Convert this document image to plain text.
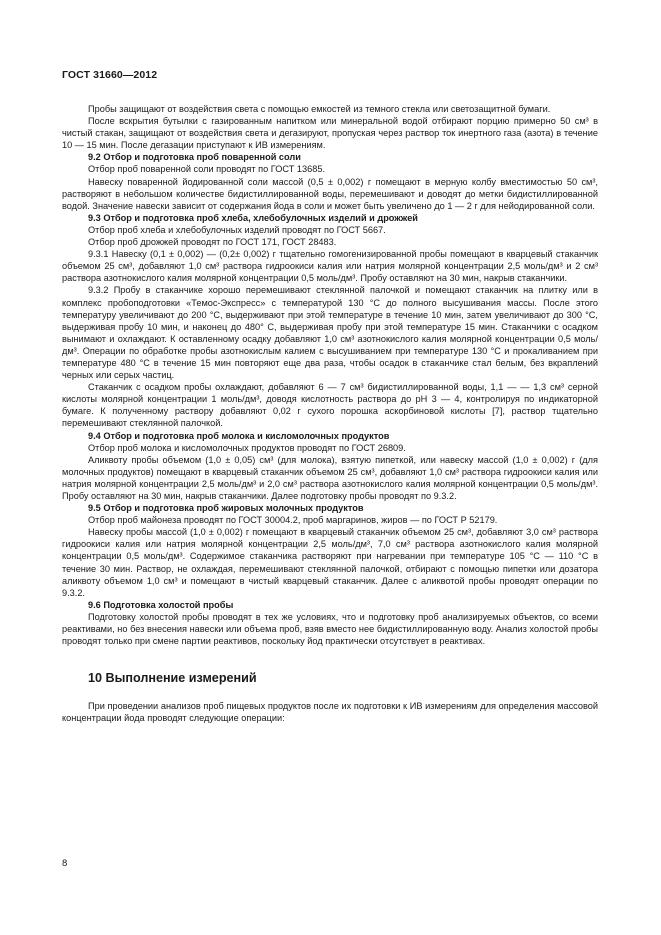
ГОСТ 31660—2012

Пробы защищают от воздействия света с помощью емкостей из темного стекла или светозащитной бумаги.

После вскрытия бутылки с газированным напитком или минеральной водой отбирают порцию примерно 50 см³ в чистый стакан, защищают от воздействия света и дегазируют, пропуская через раствор ток инертного газа (азота) в течение 10 — 15 мин. После дегазации приступают к ИВ измерениям.

9.2 Отбор и подготовка проб поваренной соли

Отбор проб поваренной соли проводят по ГОСТ 13685.

Навеску поваренной йодированной соли массой (0,5 ± 0,002) г помещают в мерную колбу вместимостью 50 см³, растворяют в небольшом количестве бидистиллированной воды, перемешивают и доводят до метки бидистиллированной водой. Значение навески зависит от содержания йода в соли и может быть увеличено до 1 — 2 г для нейодированной соли.

9.3 Отбор и подготовка проб хлеба, хлебобулочных изделий и дрожжей

Отбор проб хлеба и хлебобулочных изделий проводят по ГОСТ 5667.

Отбор проб дрожжей проводят по ГОСТ 171, ГОСТ 28483.

9.3.1 Навеску (0,1 ± 0,002) — (0,2± 0,002) г тщательно гомогенизированной пробы помещают в кварцевый стаканчик объемом 25 см³, добавляют 1,0 см³ раствора гидроокиси калия или натрия молярной концентрации 2,5 моль/дм³ и 2 см³ раствора азотнокислого калия молярной концентрации 0,5 моль/дм³. Пробу оставляют на 30 мин, накрыв стаканчики.

9.3.2 Пробу в стаканчике хорошо перемешивают стеклянной палочкой и помещают стаканчик на плитку или в комплекс пробоподготовки «Темос-Экспресс» с температурой 130 °С до полного высушивания массы. После этого температуру увеличивают до 200 °С, выдерживают при этой температуре в течение 10 мин, затем увеличивают до 300 °С, выдерживая пробу 10 мин, и наконец до 480° С, выдерживая пробу при этой температуре 15 мин. Стаканчики с осадком вынимают и охлаждают. К оставленному осадку добавляют 1,0 см³ азотнокислого калия молярной концентрации 0,5 моль/дм³. Операции по обработке пробы азотнокислым калием с высушиванием при температуре 130 °С и прокаливанием при температуре 480 °С в течение 15 мин повторяют еще два раза, чтобы осадок в стаканчике стал белым, без вкраплений черных или серых частиц.

Стаканчик с осадком пробы охлаждают, добавляют 6 — 7 см³ бидистиллированной воды, 1,1 — — 1,3 см³ серной кислоты молярной концентрации 1 моль/дм³, доводя кислотность раствора до pH 3 — 4, контролируя по индикаторной бумаге. К полученному раствору добавляют 0,02 г сухого порошка аскорбиновой кислоты [7], раствор тщательно перемешивают стеклянной палочкой.

9.4 Отбор и подготовка проб молока и кисломолочных продуктов

Отбор проб молока и кисломолочных продуктов проводят по ГОСТ 26809.

Аликвоту пробы объемом (1,0 ± 0,05) см³ (для молока), взятую пипеткой, или навеску массой (1,0 ± 0,002) г (для молочных продуктов) помещают в кварцевый стаканчик объемом 25 см³, добавляют 1,0 см³ раствора гидроокиси калия или натрия молярной концентрации 2,5 моль/дм³ и 2,0 см³ раствора азотнокислого калия молярной концентрации 0,5 моль/дм³. Пробу оставляют на 30 мин, накрыв стаканчики. Далее подготовку пробы проводят по 9.3.2.

9.5 Отбор и подготовка проб жировых молочных продуктов

Отбор проб майонеза проводят по ГОСТ 30004.2, проб маргаринов, жиров — по ГОСТ Р 52179.

Навеску пробы массой (1,0 ± 0,002) г помещают в кварцевый стаканчик объемом 25 см³, добавляют 3,0 см³ раствора гидроокиси калия или натрия молярной концентрации 2,5 моль/дм³, 7,0 см³ раствора азотнокислого калия молярной концентрации 0,5 моль/дм³. Содержимое стаканчика растворяют при нагревании при температуре 105 °С — 110 °С в течение 30 мин. Раствор, не охлаждая, перемешивают стеклянной палочкой, отбирают с помощью пипетки или дозатора аликвоту объемом 1,0 см³ и помещают в чистый кварцевый стаканчик. Далее с аликвотой пробы проводят операции по 9.3.2.

9.6 Подготовка холостой пробы

Подготовку холостой пробы проводят в тех же условиях, что и подготовку проб анализируемых объектов, со всеми реактивами, но без внесения навески или объема проб, взяв вместо нее бидистиллированную воду. Анализ холостой пробы проводят только при смене партии реактивов, поскольку йод практически отсутствует в реактивах.

10 Выполнение измерений

При проведении анализов проб пищевых продуктов после их подготовки к ИВ измерениям для определения массовой концентрации йода проводят следующие операции:

8
